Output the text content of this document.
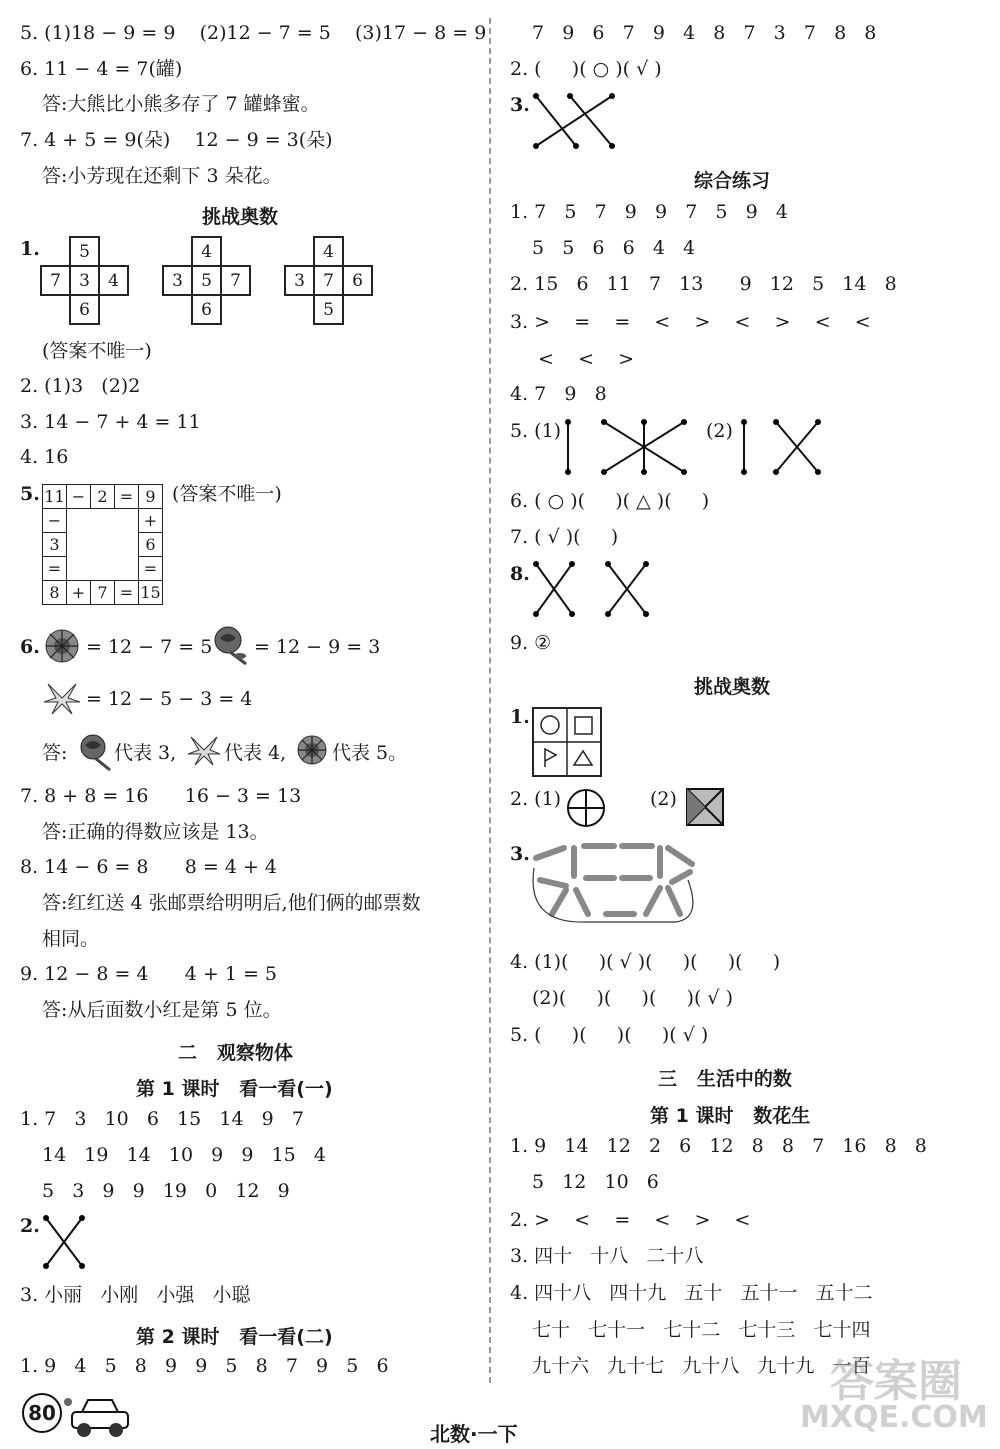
5. (1)18 − 9 = 9    (2)12 − 7 = 5    (3)17 − 8 = 9
6. 11 − 4 = 7(罐)
答:大熊比小熊多存了 7 罐蜂蜜。
7. 4 + 5 = 9(朵)    12 − 9 = 3(朵)
答:小芳现在还剩下 3 朵花。
挑战奥数
1.
	5	
7	3	4
	6	
	4	
3	5	7
	6	
	4	
3	7	6
	5	
(答案不唯一)
2. (1)3   (2)2
3. 14 − 7 + 4 = 11
4. 16
5. 11	−	2	=	9
−				+
3				6
=				=
8	+	7	=	15
(答案不唯一)
6. = 12 − 7 = 5 = 12 − 9 = 3
= 12 − 5 − 3 = 4
答: 代表 3,	代表 4, 代表 5。
7. 8 + 8 = 16      16 − 3 = 13
答:正确的得数应该是 13。
8. 14 − 6 = 8      8 = 4 + 4
答:红红送 4 张邮票给明明后,他们俩的邮票数
相同。
9. 12 − 8 = 4      4 + 1 = 5
答:从后面数小红是第 5 位。
二   观察物体
第 1 课时   看一看(一)
1. 7   3   10   6   15   14   9   7
14   19   14   10   9   9   15   4
5   3   9   9   19   0   12   9
2.
3. 小丽   小刚   小强   小聪
第 2 课时   看一看(二)
1. 9   4   5   8   9   9   5   8   7   9   5   6
7   9   6   7   9   4   8   7   3   7   8   8
2. (     )( ○ )( √ )
3.
综合练习
1. 7   5   7   9   9   7   5   9   4
5   5   6   6   4   4
2. 15   6   11   7   13      9   12   5   14   8
3. >    =    =    <    >    <    >    <    <
<    <    >
4. 7   9   8
5. (1)	(2)
6. ( ○ )(     )( △ )(     )
7. ( √ )(     )
8.
9. ②
挑战奥数
1.
2. (1)	(2)
3.
4. (1)(     )( √ )(     )(     )(     )
(2)(     )(     )(     )( √ )
5. (     )(     )(     )( √ )
三   生活中的数
第 1 课时   数花生
1. 9   14   12   2   6   12   8   8   7   16   8   8
5   12   10   6
2. >    <    =    <    >    <
3. 四十   十八   二十八
4. 四十八   四十九   五十   五十一   五十二
七十   七十一   七十二   七十三   七十四
九十六   九十七   九十八   九十九   一百
80
北数·一下
答案圈
MXQE.COM
